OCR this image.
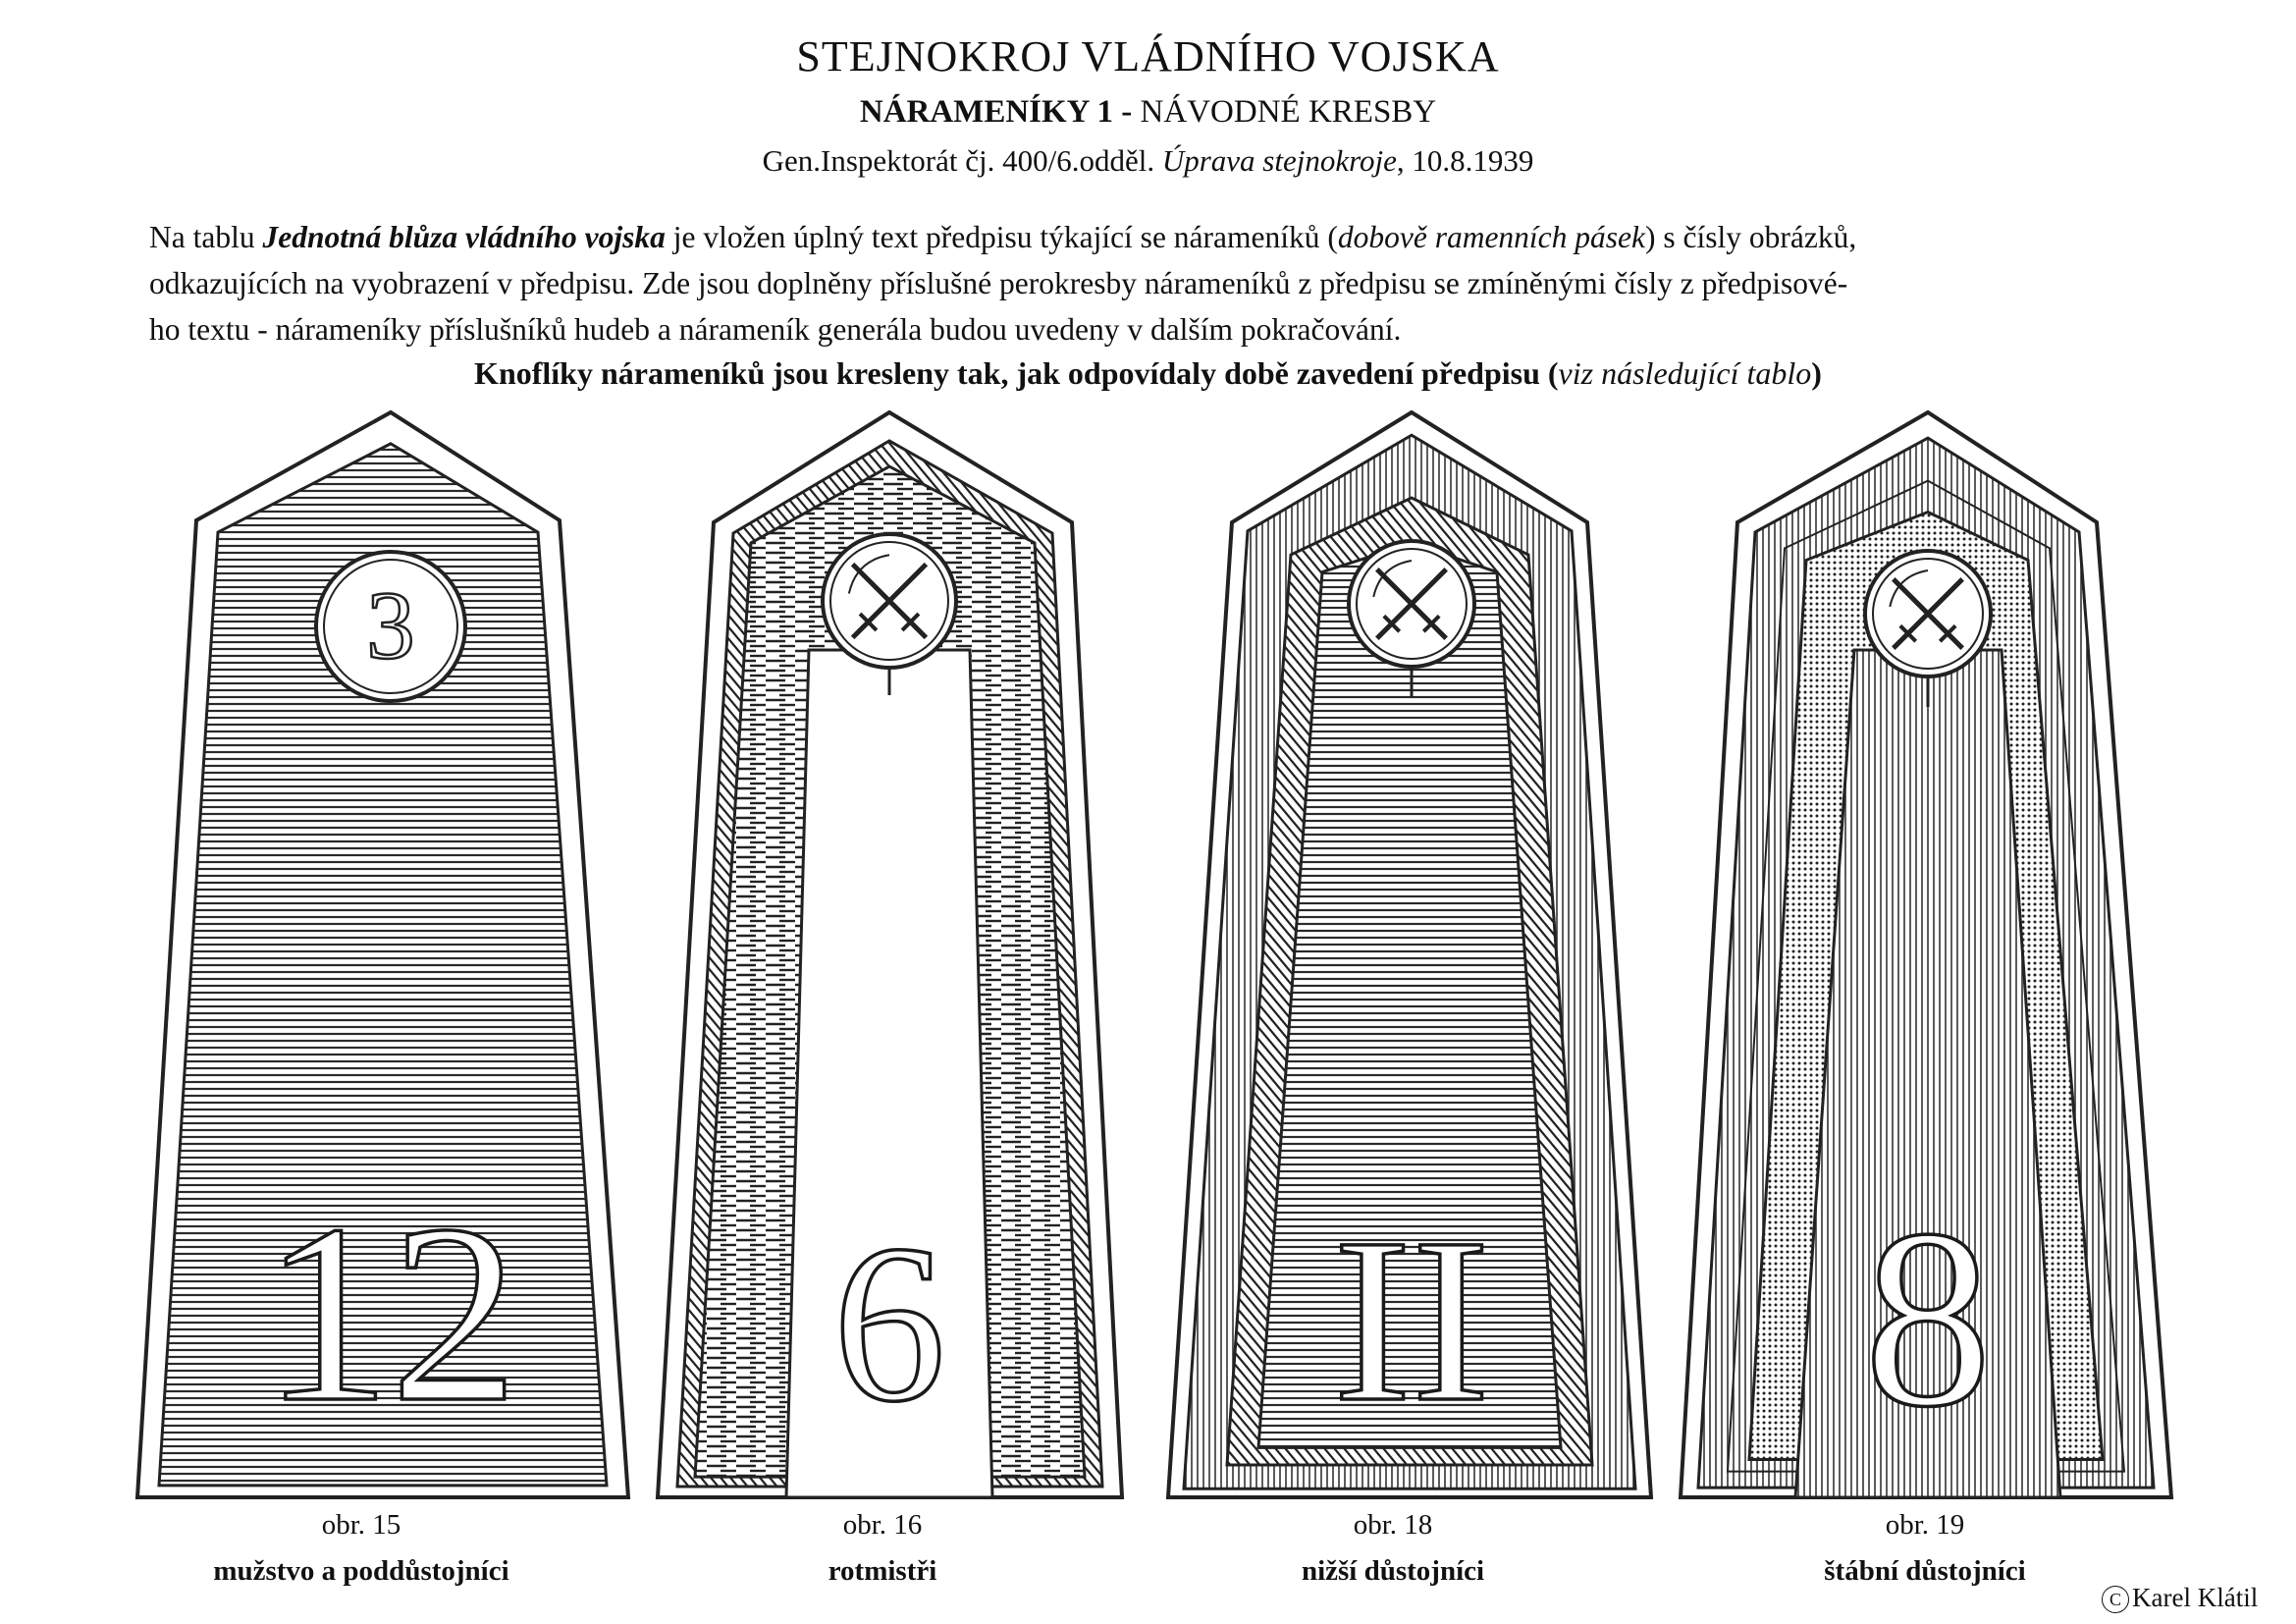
STEJNOKROJ VLÁDNÍHO VOJSKA
NÁRAMENÍKY 1 - NÁVODNÉ KRESBY
Gen.Inspektorát čj. 400/6.odděl. Úprava stejnokroje, 10.8.1939

Na tablu Jednotná blůza vládního vojska je vložen úplný text předpisu týkající se nárameníků (dobově ramenních pásek) s čísly obrázků,

odkazujících na vyobrazení v předpisu. Zde jsou doplněny příslušné perokresby nárameníků z předpisu se zmíněnými čísly z předpisové-

ho textu - nárameníky příslušníků hudeb a nárameník generála budou uvedeny v dalším pokračování.

Knoflíky nárameníků jsou kresleny tak, jak odpovídaly době zavedení předpisu (viz následující tablo)
3
12 6 II 8
obr. 15
mužstvo a poddůstojníci
obr. 16
rotmistři
obr. 18
nižší důstojníci
obr. 19
štábní důstojníci
C Karel Klátil
